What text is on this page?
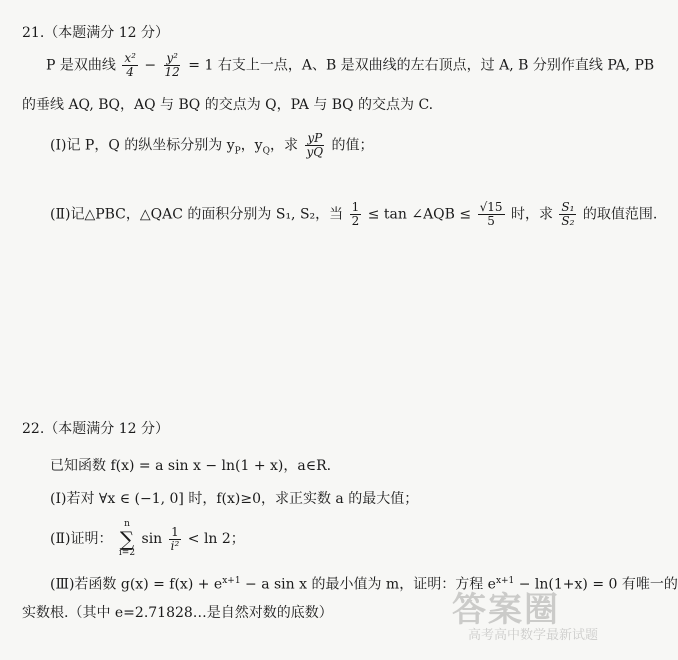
21.（本题满分 12 分）
P 是双曲线 $\frac{\text{x²}}{4} - \frac{\text{y²}}{12} = 1$ 右支上一点，A、B 是双曲线的左右顶点，过 A, B 分别作直线 PA, PB
的垂线 AQ, BQ，AQ 与 BQ 的交点为 Q，PA 与 BQ 的交点为 C.
(Ⅰ)记 P，Q 的纵坐标分别为 $y_P$，$y_Q$，求 $\frac{yP}{yQ}$ 的值；
(Ⅱ)记△PBC，△QAC 的面积分别为 S₁, S₂，当 $\frac{1}{2} \le \tan$ ∠AQB ≤ $\frac{√15}{5}$ 时，求 $\frac{\text{S₁}}{\text{S₂}}$ 的取值范围.
22.（本题满分 12 分）
已知函数 f(x) = a sin x − ln(1 + x)，a∈R.
(Ⅰ)若对 ∀x ∈ (−1, 0] 时，f(x)≥0，求正实数 a 的最大值；
(Ⅱ)证明：
n
∑
i=2
$\sin \frac{1}{\text{i²}} < \ln 2$；
(Ⅲ)若函数 $g(x) = f(x) + e^{x+1} - a$ sin x 的最小值为 m，证明：方程 $e^{x+1} - \ln(1+x) = 0$ 有唯一的
实数根.（其中 e=2.71828…是自然对数的底数）	答案圈
高考高中数学最新试题
